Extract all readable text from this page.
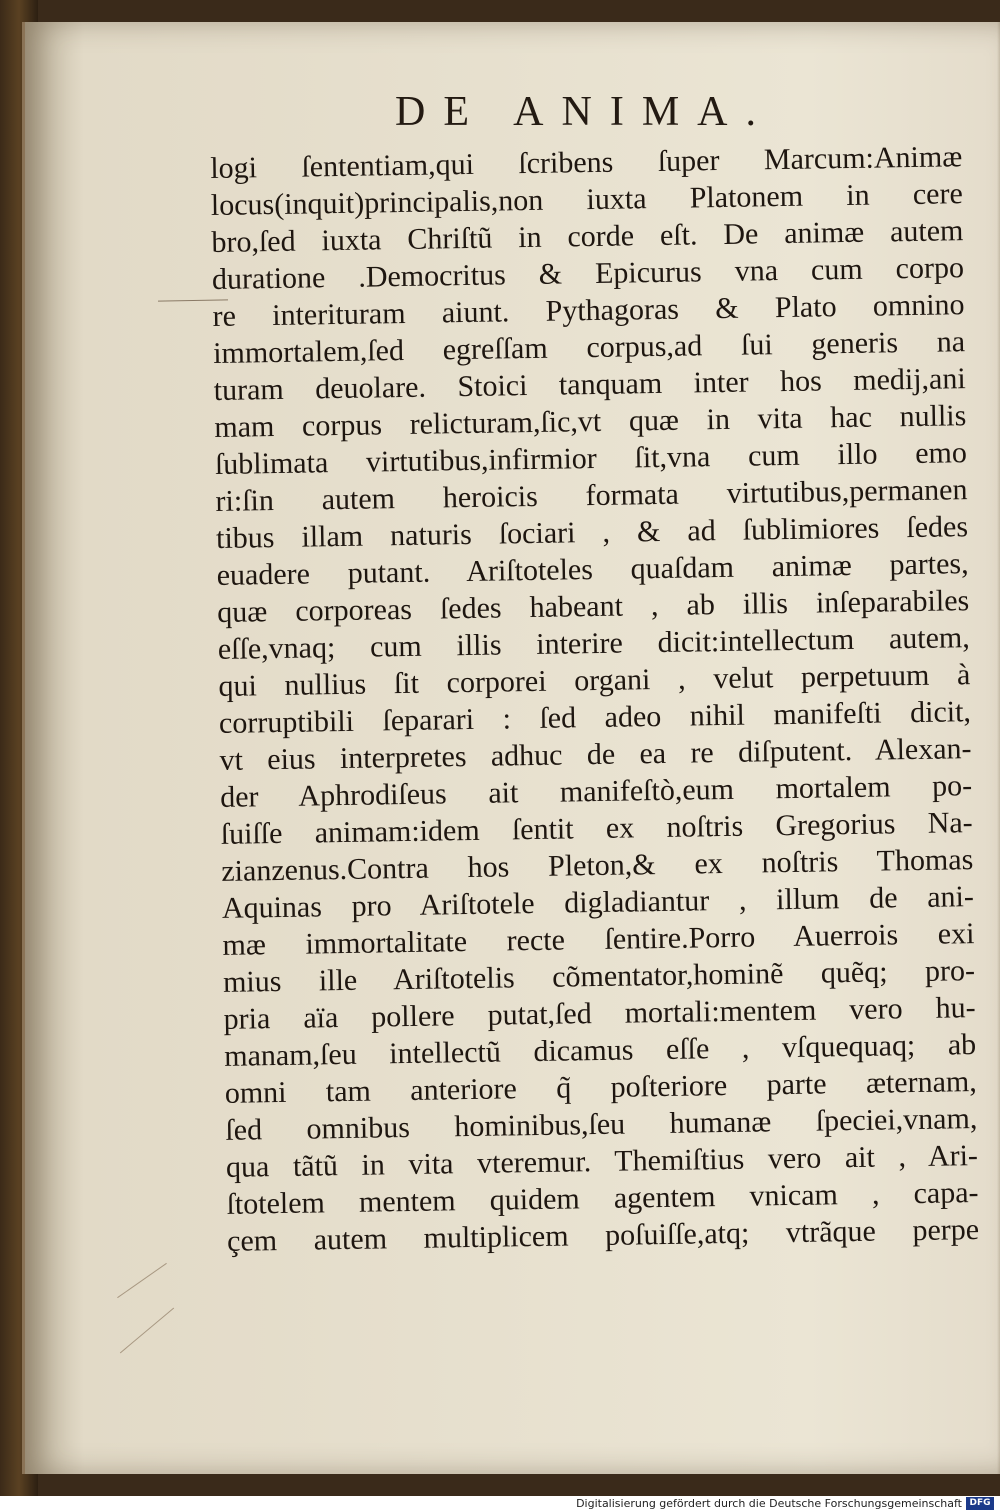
DE ANIMA.
logi ſententiam,qui ſcribens ſuper Marcum:Animæ
locus(inquit)principalis,non iuxta Platonem in cere
bro,ſed iuxta Chriſtũ in corde eſt. De animæ autem
duratione .Democritus & Epicurus vna cum corpo
re interituram aiunt. Pythagoras & Plato omnino
immortalem,ſed egreſſam corpus,ad ſui generis na
turam deuolare. Stoici tanquam inter hos medij,ani
mam corpus relicturam,ſic,vt quæ in vita hac nullis
ſublimata virtutibus,infirmior ſit,vna cum illo emo
ri:ſin autem heroicis formata virtutibus,permanen
tibus illam naturis ſociari , & ad ſublimiores ſedes
euadere putant. Ariſtoteles quaſdam animæ partes,
quæ corporeas ſedes habeant , ab illis inſeparabiles
eſſe,vnaq; cum illis interire dicit:intellectum autem,
qui nullius ſit corporei organi , velut perpetuum à
corruptibili ſeparari : ſed adeo nihil manifeſti dicit,
vt eius interpretes adhuc de ea re diſputent. Alexan-
der Aphrodiſeus ait manifeſtò,eum mortalem po-
ſuiſſe animam:idem ſentit ex noſtris Gregorius Na-
zianzenus.Contra hos Pleton,& ex noſtris Thomas
Aquinas pro Ariſtotele digladiantur , illum de ani-
mæ immortalitate recte ſentire.Porro Auerrois exi
mius ille Ariſtotelis cõmentator,hominẽ quẽq; pro-
pria aïa pollere putat,ſed mortali:mentem vero hu-
manam,ſeu intellectũ dicamus eſſe , vſquequaq; ab
omni tam anteriore q̃ poſteriore parte æternam,
ſed omnibus hominibus,ſeu humanæ ſpeciei,vnam,
qua tãtũ in vita vteremur. Themiſtius vero ait , Ari-
ſtotelem mentem quidem agentem vnicam , capa-
çem autem multiplicem poſuiſſe,atq; vtrãque perpe
Digitalisierung gefördert durch die Deutsche Forschungsgemeinschaft DFG
